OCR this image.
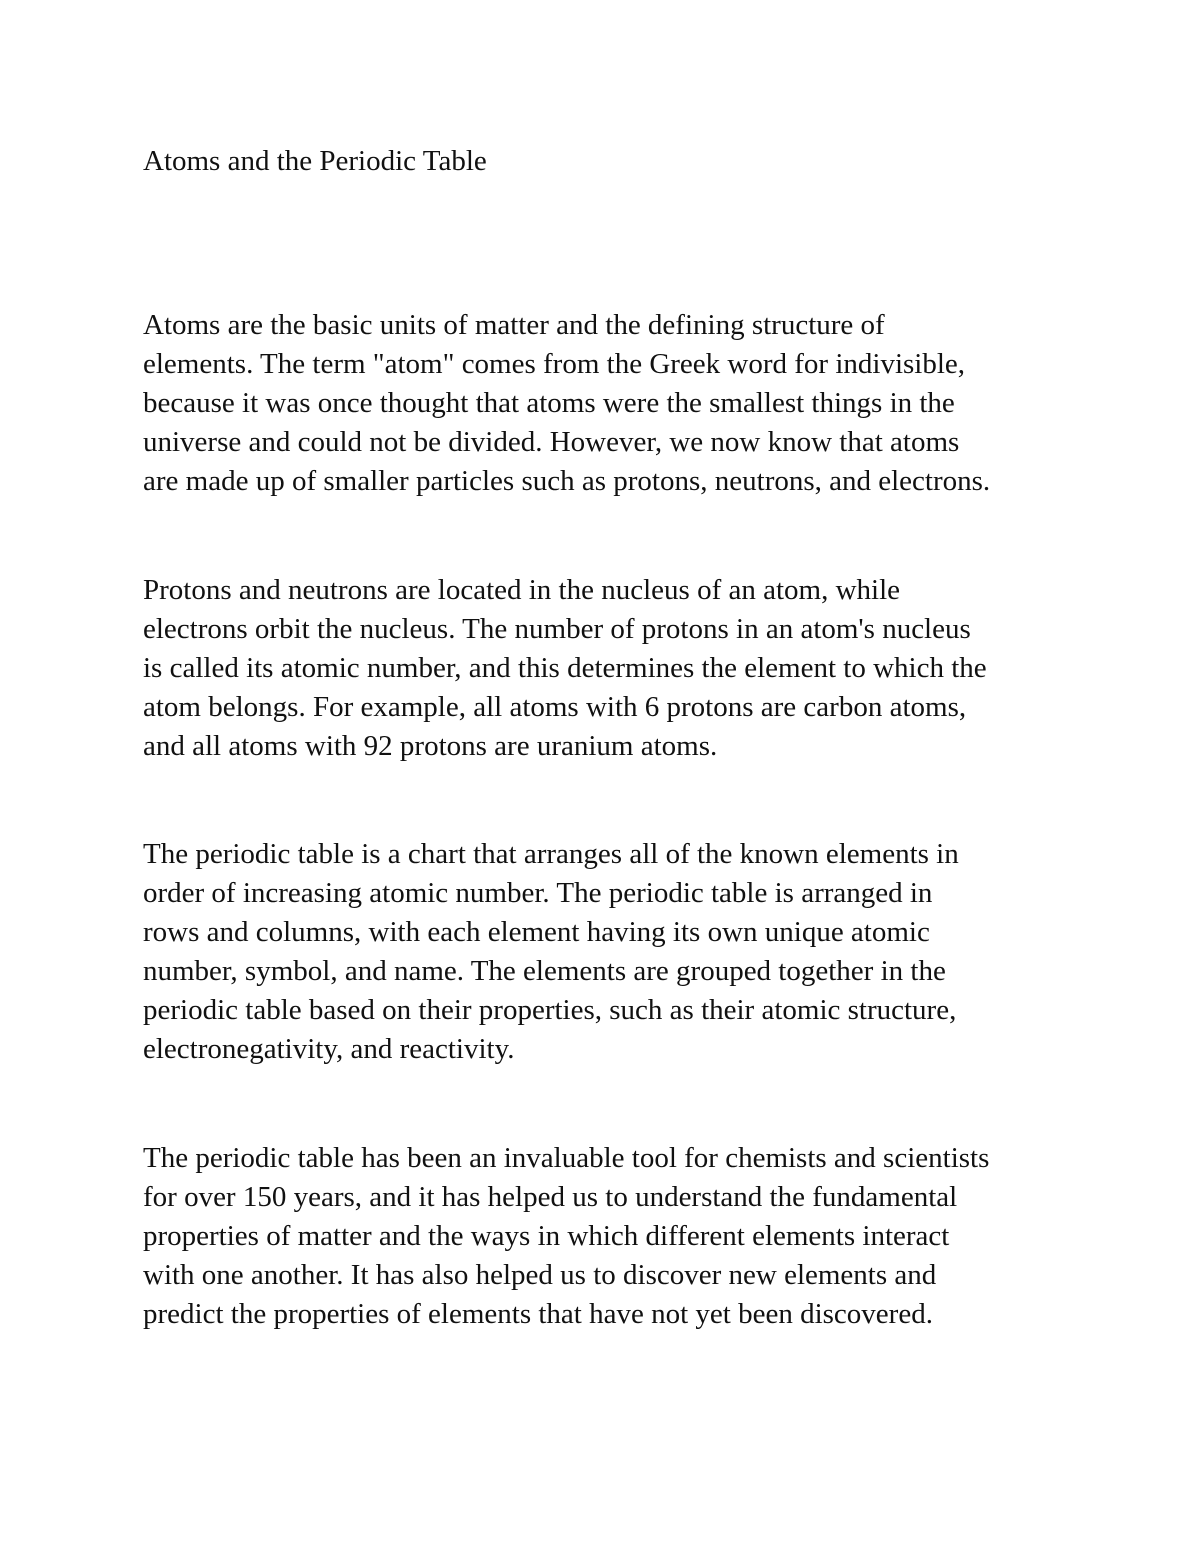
Atoms and the Periodic Table

Atoms are the basic units of matter and the defining structure of
elements. The term "atom" comes from the Greek word for indivisible,
because it was once thought that atoms were the smallest things in the
universe and could not be divided. However, we now know that atoms
are made up of smaller particles such as protons, neutrons, and electrons.

Protons and neutrons are located in the nucleus of an atom, while
electrons orbit the nucleus. The number of protons in an atom's nucleus
is called its atomic number, and this determines the element to which the
atom belongs. For example, all atoms with 6 protons are carbon atoms,
and all atoms with 92 protons are uranium atoms.

The periodic table is a chart that arranges all of the known elements in
order of increasing atomic number. The periodic table is arranged in
rows and columns, with each element having its own unique atomic
number, symbol, and name. The elements are grouped together in the
periodic table based on their properties, such as their atomic structure,
electronegativity, and reactivity.

The periodic table has been an invaluable tool for chemists and scientists
for over 150 years, and it has helped us to understand the fundamental
properties of matter and the ways in which different elements interact
with one another. It has also helped us to discover new elements and
predict the properties of elements that have not yet been discovered.
